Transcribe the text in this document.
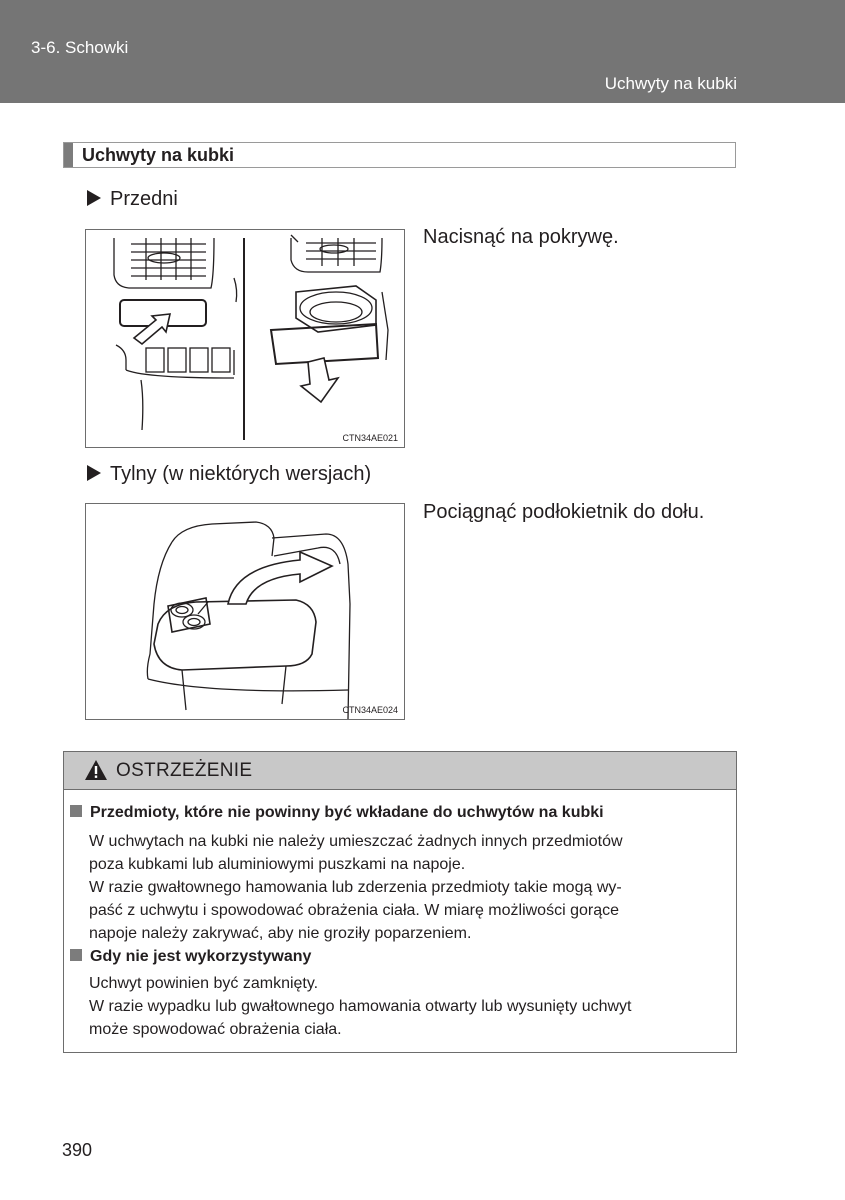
3-6. Schowki
Uchwyty na kubki
Uchwyty na kubki
Przedni
CTN34AE021
Nacisnąć na pokrywę.
Tylny (w niektórych wersjach)
CTN34AE024
Pociągnąć podłokietnik do dołu.
OSTRZEŻENIE
Przedmioty, które nie powinny być wkładane do uchwytów na kubki
W uchwytach na kubki nie należy umieszczać żadnych innych przedmiotów
poza kubkami lub aluminiowymi puszkami na napoje.
W razie gwałtownego hamowania lub zderzenia przedmioty takie mogą wy-
paść z uchwytu i spowodować obrażenia ciała. W miarę możliwości gorące
napoje należy zakrywać, aby nie groziły poparzeniem.
Gdy nie jest wykorzystywany
Uchwyt powinien być zamknięty.
W razie wypadku lub gwałtownego hamowania otwarty lub wysunięty uchwyt
może spowodować obrażenia ciała.
390
